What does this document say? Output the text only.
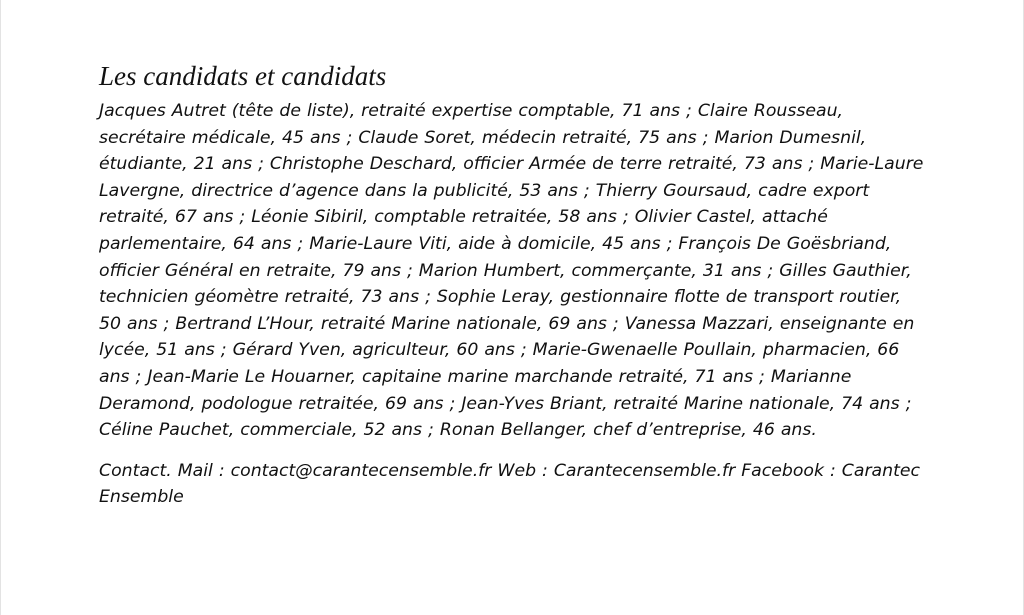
Les candidats et candidats

Jacques Autret (tête de liste), retraité expertise comptable, 71 ans ; Claire Rousseau, secrétaire médicale, 45 ans ; Claude Soret, médecin retraité, 75 ans ; Marion Dumesnil, étudiante, 21 ans ; Christophe Deschard, officier Armée de terre retraité, 73 ans ; Marie-Laure Lavergne, directrice d’agence dans la publicité, 53 ans ; Thierry Goursaud, cadre export retraité, 67 ans ; Léonie Sibiril, comptable retraitée, 58 ans ; Olivier Castel, attaché parlementaire, 64 ans ; Marie-Laure Viti, aide à domicile, 45 ans ; François De Goësbriand, officier Général en retraite, 79 ans ; Marion Humbert, commerçante, 31 ans ; Gilles Gauthier, technicien géomètre retraité, 73 ans ; Sophie Leray, gestionnaire flotte de transport routier, 50 ans ; Bertrand L’Hour, retraité Marine nationale, 69 ans ; Vanessa Mazzari, enseignante en lycée, 51 ans ; Gérard Yven, agriculteur, 60 ans ; Marie-Gwenaelle Poullain, pharmacien, 66 ans ; Jean-Marie Le Houarner, capitaine marine marchande retraité, 71 ans ; Marianne Deramond, podologue retraitée, 69 ans ; Jean-Yves Briant, retraité Marine nationale, 74 ans ; Céline Pauchet, commerciale, 52 ans ; Ronan Bellanger, chef d’entreprise, 46 ans.

Contact. Mail : contact@carantecensemble.fr Web : Carantecensemble.fr Facebook : Carantec Ensemble
